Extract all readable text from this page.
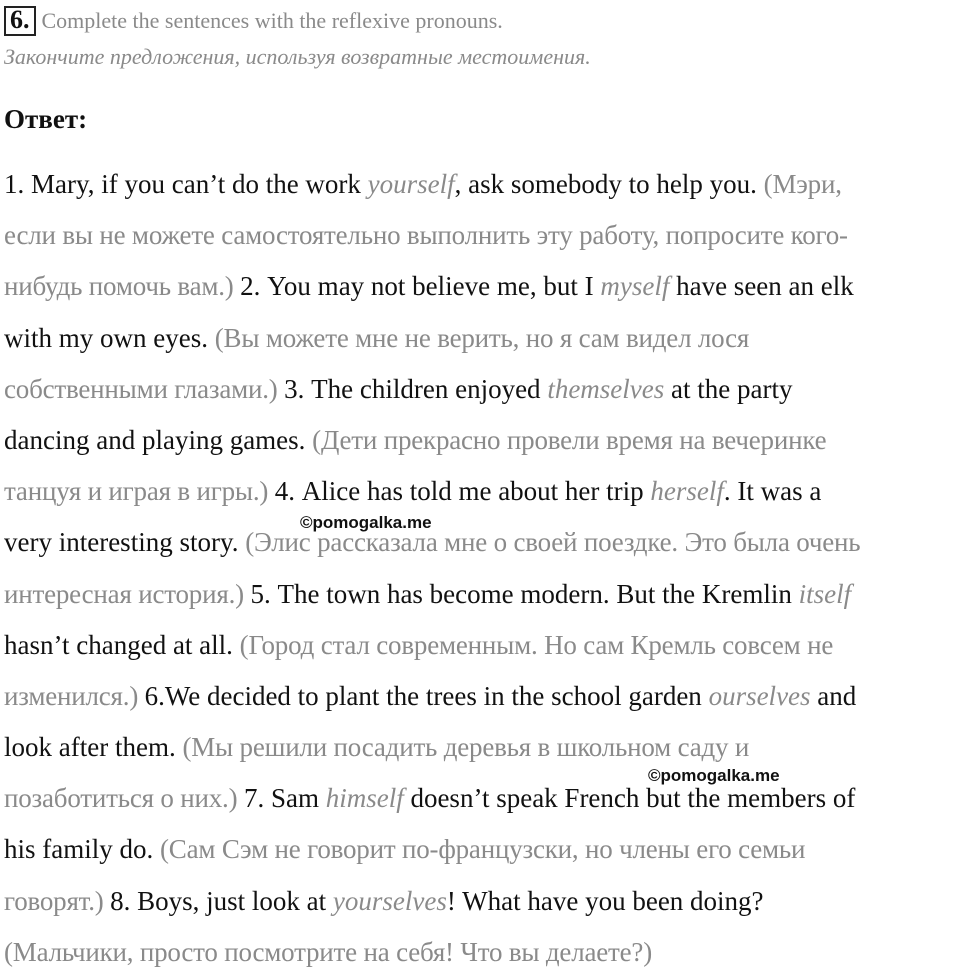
6. Complete the sentences with the reflexive pronouns.
Закончите предложения, используя возвратные местоимения.
Ответ:
1. Mary, if you can’t do the work yourself, ask somebody to help you. (Мэри,
если вы не можете самостоятельно выполнить эту работу, попросите кого-
нибудь помочь вам.) 2. You may not believe me, but I myself have seen an elk
with my own eyes. (Вы можете мне не верить, но я сам видел лося
собственными глазами.) 3. The children enjoyed themselves at the party
dancing and playing games. (Дети прекрасно провели время на вечеринке
танцуя и играя в игры.) 4. Alice has told me about her trip herself. It was a
very interesting story. (Элис рассказала мне о своей поездке. Это была очень
интересная история.) 5. The town has become modern. But the Kremlin itself
hasn’t changed at all. (Город стал современным. Но сам Кремль совсем не
изменился.) 6.We decided to plant the trees in the school garden ourselves and
look after them. (Мы решили посадить деревья в школьном саду и
позаботиться о них.) 7. Sam himself doesn’t speak French but the members of
his family do. (Сам Сэм не говорит по-французски, но члены его семьи
говорят.) 8. Boys, just look at yourselves! What have you been doing?
(Мальчики, просто посмотрите на себя! Что вы делаете?)
©pomogalka.me
©pomogalka.me
